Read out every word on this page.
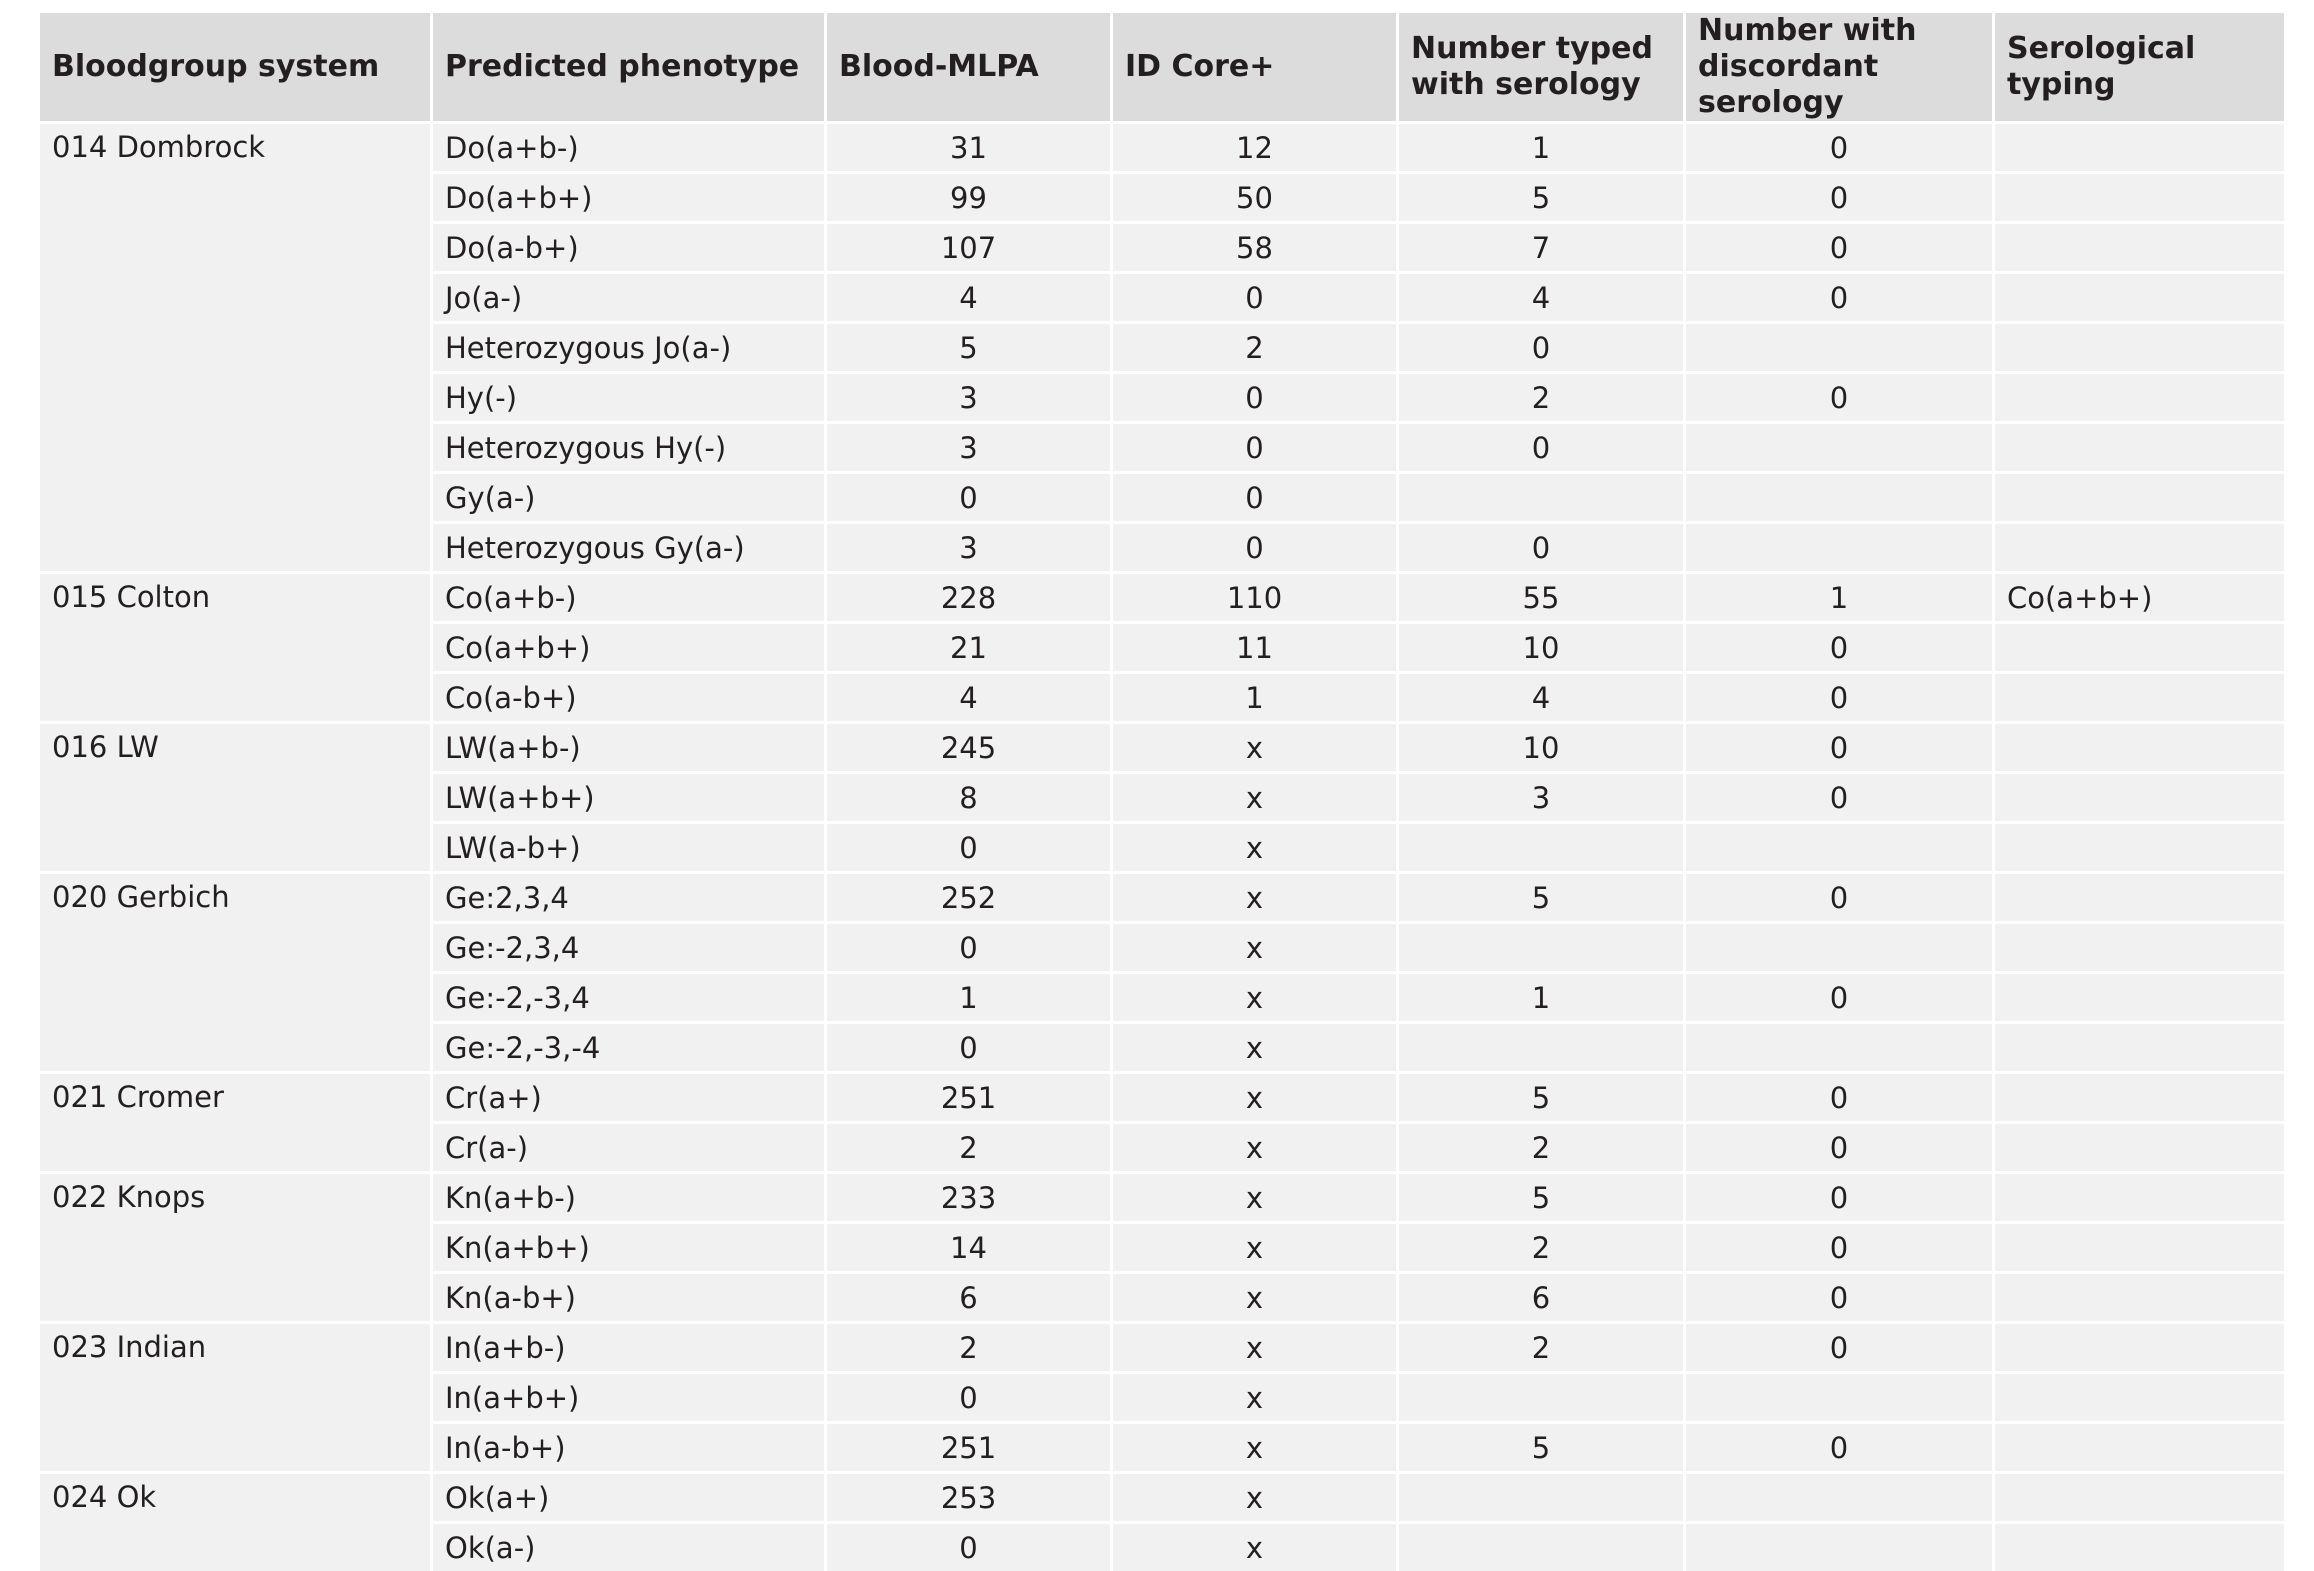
Bloodgroup system	Predicted phenotype	Blood-MLPA	ID Core+	Number typed with serology	Number with discordant serology	Serological typing
014 Dombrock	Do(a+b-)	31	12	1	0	
	Do(a+b+)	99	50	5	0	
	Do(a-b+)	107	58	7	0	
	Jo(a-)	4	0	4	0	
	Heterozygous Jo(a-)	5	2	0		
	Hy(-)	3	0	2	0	
	Heterozygous Hy(-)	3	0	0		
	Gy(a-)	0	0			
	Heterozygous Gy(a-)	3	0	0		
015 Colton	Co(a+b-)	228	110	55	1	Co(a+b+)
	Co(a+b+)	21	11	10	0	
	Co(a-b+)	4	1	4	0	
016 LW	LW(a+b-)	245	x	10	0	
	LW(a+b+)	8	x	3	0	
	LW(a-b+)	0	x			
020 Gerbich	Ge:2,3,4	252	x	5	0	
	Ge:-2,3,4	0	x			
	Ge:-2,-3,4	1	x	1	0	
	Ge:-2,-3,-4	0	x			
021 Cromer	Cr(a+)	251	x	5	0	
	Cr(a-)	2	x	2	0	
022 Knops	Kn(a+b-)	233	x	5	0	
	Kn(a+b+)	14	x	2	0	
	Kn(a-b+)	6	x	6	0	
023 Indian	In(a+b-)	2	x	2	0	
	In(a+b+)	0	x			
	In(a-b+)	251	x	5	0	
024 Ok	Ok(a+)	253	x			
	Ok(a-)	0	x			
